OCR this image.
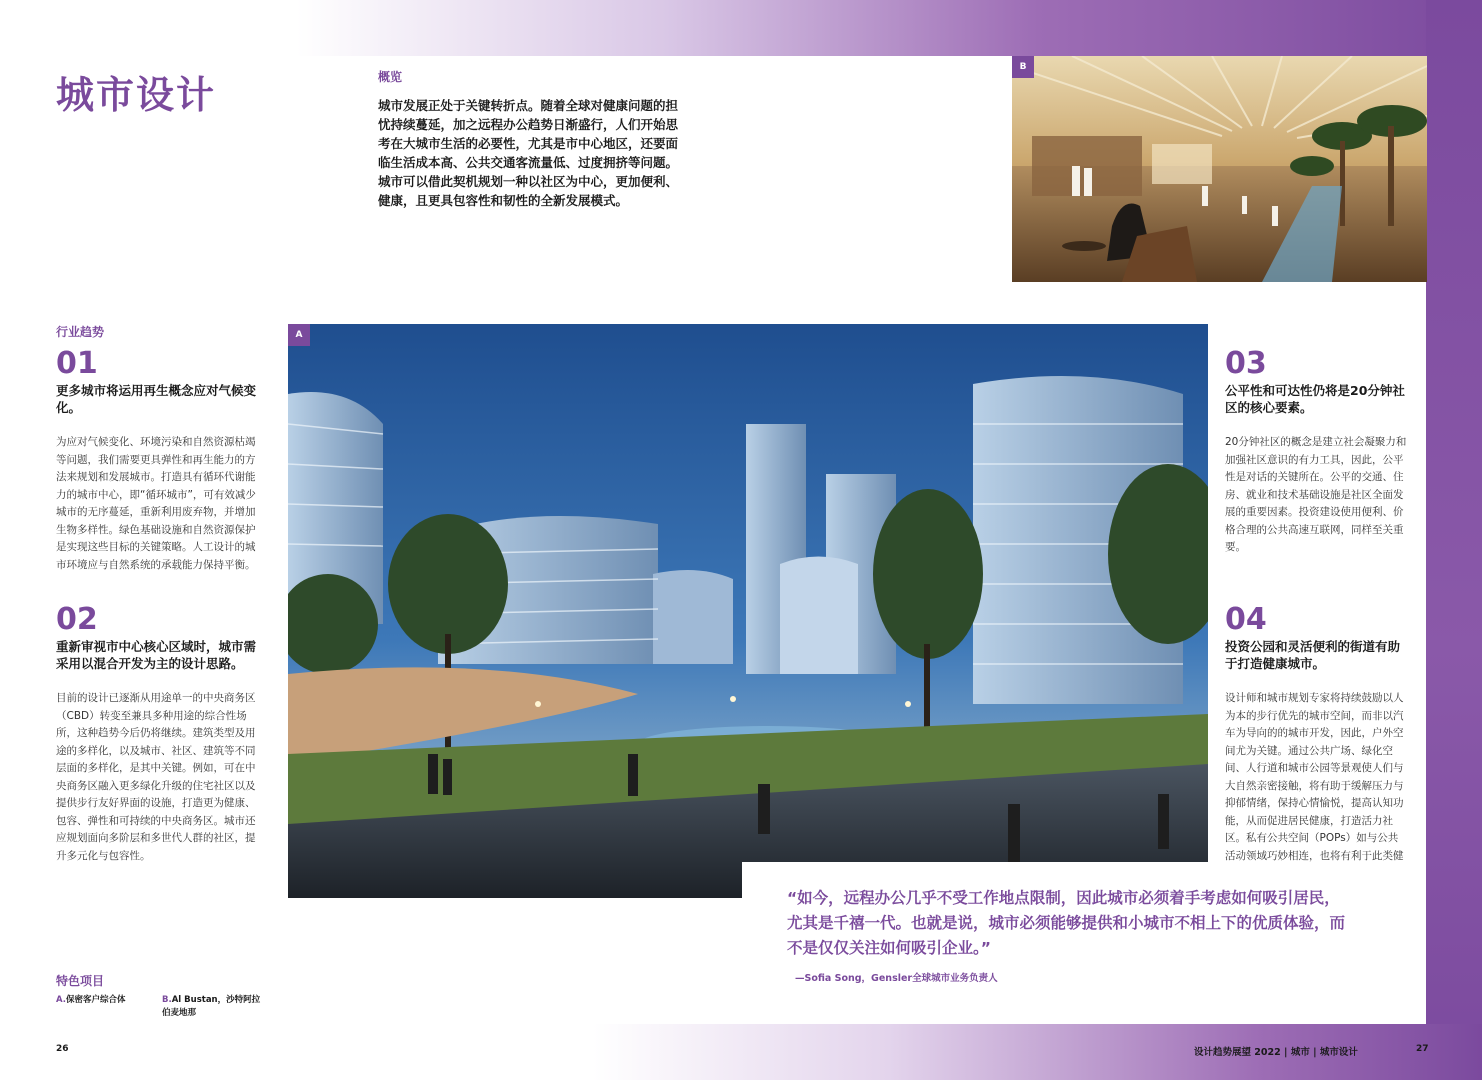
城市设计	概览

城市发展正处于关键转折点。随着全球对健康问题的担忧持续蔓延，加之远程办公趋势日渐盛行，人们开始思考在大城市生活的必要性，尤其是市中心地区，还要面临生活成本高、公共交通客流量低、过度拥挤等问题。城市可以借此契机规划一种以社区为中心，更加便利、健康，且更具包容性和韧性的全新发展模式。

B
行业趋势
01
更多城市将运用再生概念应对气候变化。
为应对气候变化、环境污染和自然资源枯竭等问题，我们需要更具弹性和再生能力的方法来规划和发展城市。打造具有循环代谢能力的城市中心，即“循环城市”，可有效减少城市的无序蔓延，重新利用废弃物，并增加生物多样性。绿色基础设施和自然资源保护是实现这些目标的关键策略。人工设计的城市环境应与自然系统的承载能力保持平衡。
02
重新审视市中心核心区域时，城市需采用以混合开发为主的设计思路。
目前的设计已逐渐从用途单一的中央商务区（CBD）转变至兼具多种用途的综合性场所，这种趋势今后仍将继续。建筑类型及用途的多样化，以及城市、社区、建筑等不同层面的多样化，是其中关键。例如，可在中央商务区融入更多绿化升级的住宅社区以及提供步行友好界面的设施，打造更为健康、包容、弹性和可持续的中央商务区。城市还应规划面向多阶层和多世代人群的社区，提升多元化与包容性。
03
公平性和可达性仍将是20分钟社区的核心要素。
20分钟社区的概念是建立社会凝聚力和加强社区意识的有力工具，因此，公平性是对话的关键所在。公平的交通、住房、就业和技术基础设施是社区全面发展的重要因素。投资建设使用便利、价格合理的公共高速互联网，同样至关重要。
04
投资公园和灵活便利的街道有助于打造健康城市。
设计师和城市规划专家将持续鼓励以人为本的步行优先的城市空间，而非以汽车为导向的的城市开发，因此，户外空间尤为关键。通过公共广场、绿化空间、人行道和城市公园等景观使人们与大自然亲密接触，将有助于缓解压力与抑郁情绪，保持心情愉悦，提高认知功能，从而促进居民健康，打造活力社区。私有公共空间（POPs）如与公共活动领域巧妙相连，也将有利于此类健
A

“如今，远程办公几乎不受工作地点限制，因此城市必须着手考虑如何吸引居民，尤其是千禧一代。也就是说，城市必须能够提供和小城市不相上下的优质体验，而不是仅仅关注如何吸引企业。”

—Sofia Song，Gensler全球城市业务负责人
特色项目
A.保密客户综合体	B.Al Bustan，沙特阿拉伯麦地那
26	设计趋势展望 2022 | 城市 | 城市设计	27
